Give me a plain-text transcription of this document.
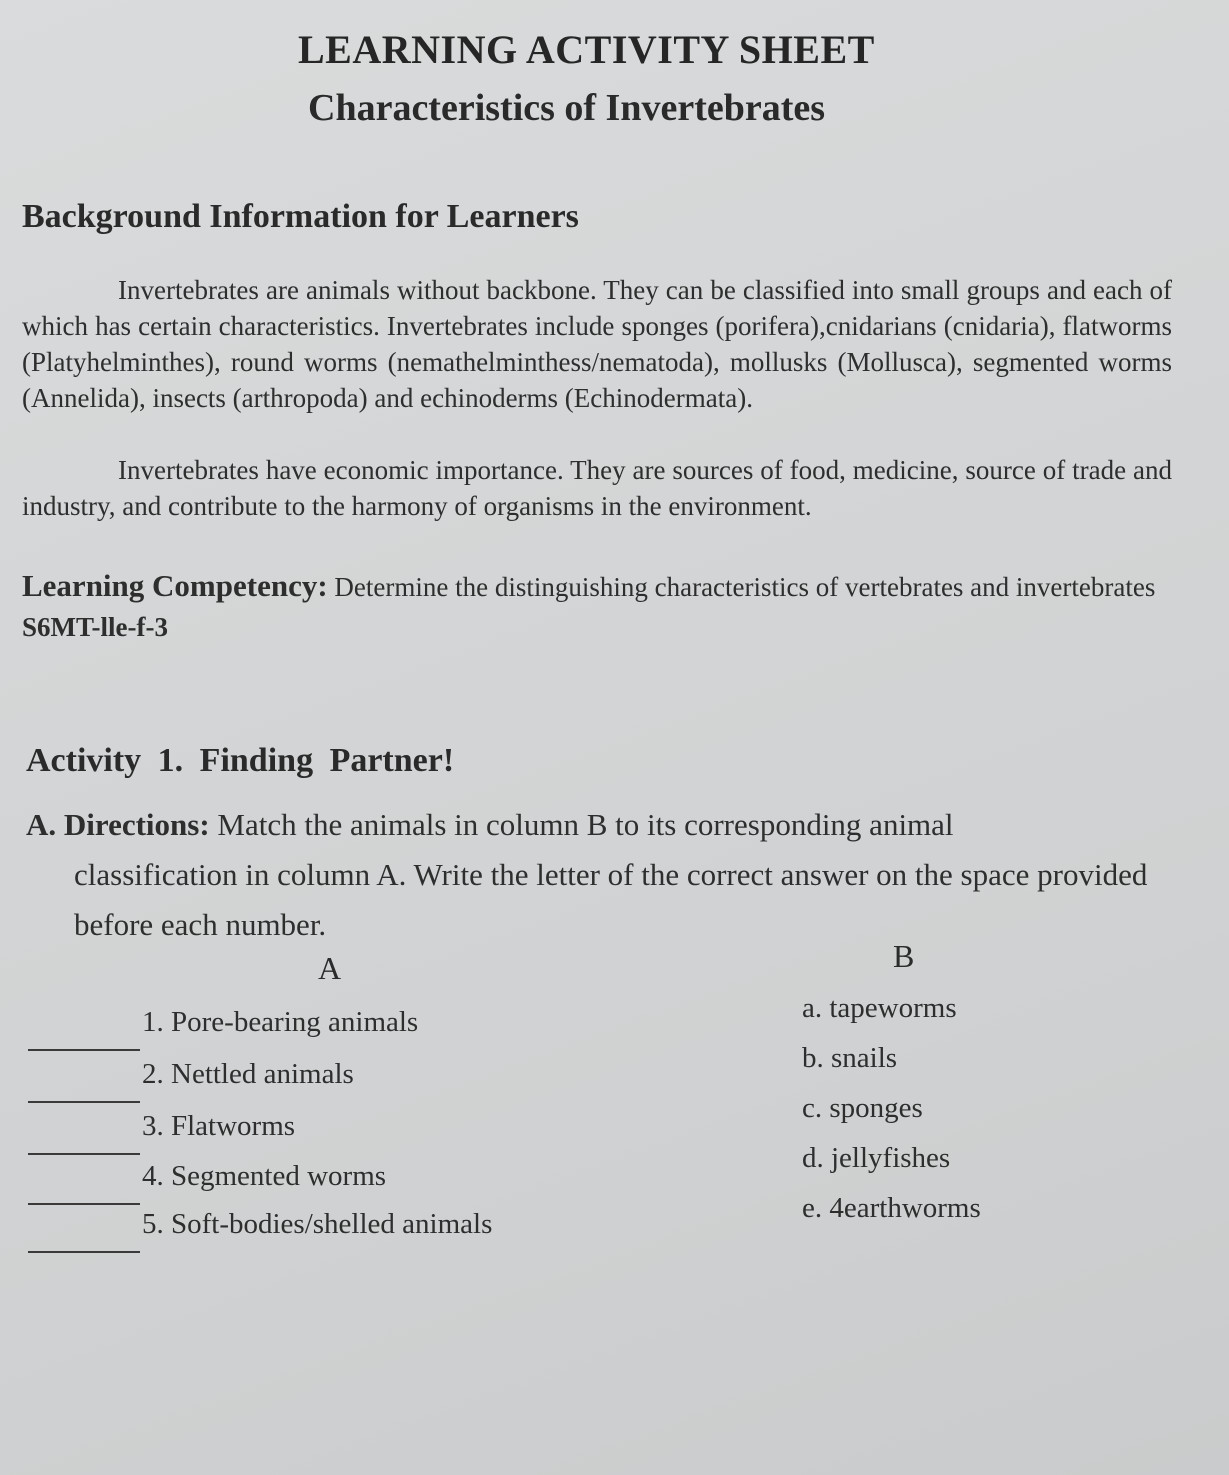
LEARNING ACTIVITY SHEET
Characteristics of Invertebrates
Background Information for Learners
Invertebrates are animals without backbone. They can be classified into small groups and each of which has certain characteristics. Invertebrates include sponges (porifera),cnidarians (cnidaria), flatworms (Platyhelminthes), round worms (nemathelminthess/nematoda), mollusks (Mollusca), segmented worms (Annelida), insects (arthropoda) and echinoderms (Echinodermata).
Invertebrates have economic importance. They are sources of food, medicine, source of trade and industry, and contribute to the harmony of organisms in the environment.
Learning Competency: Determine the distinguishing characteristics of vertebrates and invertebrates S6MT-lle-f-3
Activity 1. Finding Partner!
A. Directions: Match the animals in column B to its corresponding animal
classification in column A. Write the letter of the correct answer on the space provided before each number.
A	B
1. Pore-bearing animals
2. Nettled animals
3. Flatworms
4. Segmented worms
5. Soft-bodies/shelled animals
a. tapeworms
b. snails
c. sponges
d. jellyfishes
e. 4earthworms
